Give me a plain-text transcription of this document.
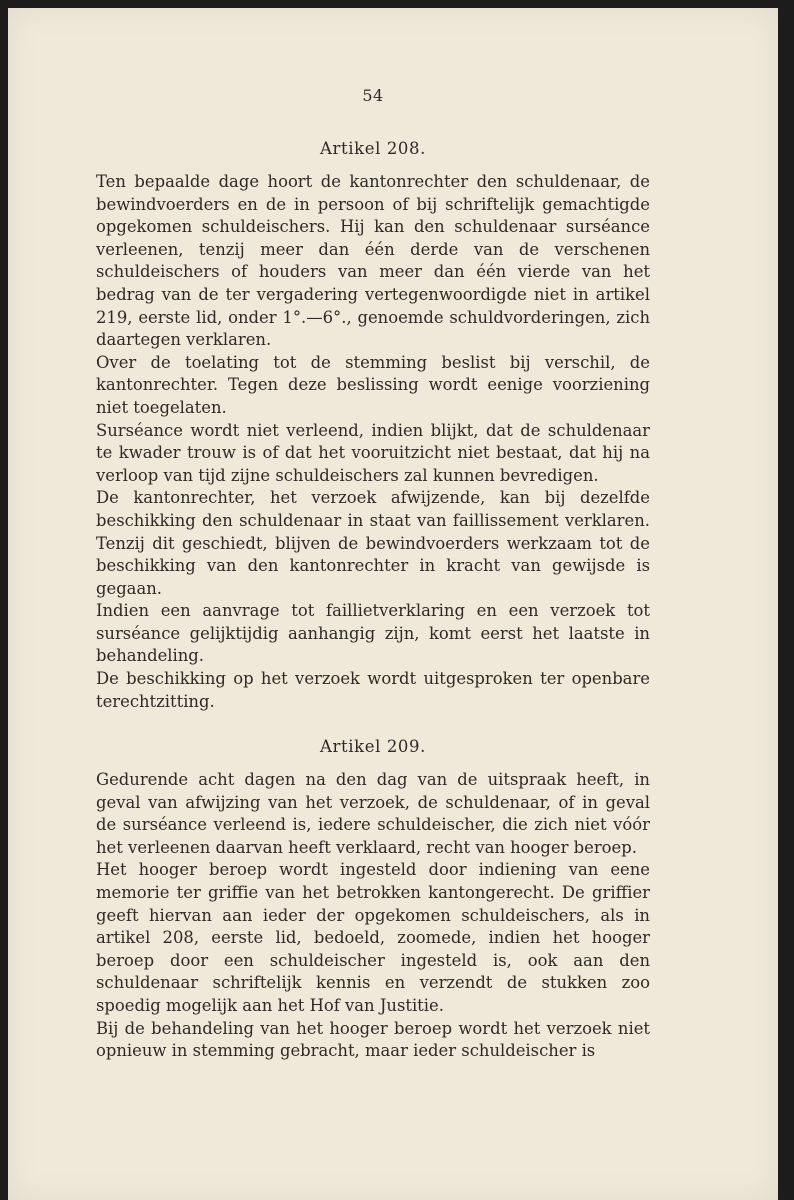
54
Artikel 208.

Ten bepaalde dage hoort de kantonrechter den schuldenaar, de bewindvoerders en de in persoon of bij schriftelijk gemachtigde opgekomen schuldeischers. Hij kan den schuldenaar surséance verleenen, tenzij meer dan één derde van de verschenen schuldeischers of houders van meer dan één vierde van het bedrag van de ter vergadering vertegenwoordigde niet in artikel 219, eerste lid, onder 1°.—6°., genoemde schuldvorderingen, zich daartegen verklaren.

Over de toelating tot de stemming beslist bij verschil, de kantonrechter. Tegen deze beslissing wordt eenige voorziening niet toegelaten.

Surséance wordt niet verleend, indien blijkt, dat de schuldenaar te kwader trouw is of dat het vooruitzicht niet bestaat, dat hij na verloop van tijd zijne schuldeischers zal kunnen bevredigen.

De kantonrechter, het verzoek afwijzende, kan bij dezelfde beschikking den schuldenaar in staat van faillissement verklaren. Tenzij dit geschiedt, blijven de bewindvoerders werkzaam tot de beschikking van den kantonrechter in kracht van gewijsde is gegaan.

Indien een aanvrage tot faillietverklaring en een verzoek tot surséance gelijktijdig aanhangig zijn, komt eerst het laatste in behandeling.

De beschikking op het verzoek wordt uitgesproken ter openbare terechtzitting.

Artikel 209.

Gedurende acht dagen na den dag van de uitspraak heeft, in geval van afwijzing van het verzoek, de schuldenaar, of in geval de surséance verleend is, iedere schuldeischer, die zich niet vóór het verleenen daarvan heeft verklaard, recht van hooger beroep.

Het hooger beroep wordt ingesteld door indiening van eene memorie ter griffie van het betrokken kantongerecht. De griffier geeft hiervan aan ieder der opgekomen schuldeischers, als in artikel 208, eerste lid, bedoeld, zoomede, indien het hooger beroep door een schuldeischer ingesteld is, ook aan den schuldenaar schriftelijk kennis en verzendt de stukken zoo spoedig mogelijk aan het Hof van Justitie.

Bij de behandeling van het hooger beroep wordt het verzoek niet opnieuw in stemming gebracht, maar ieder schuldeischer is
